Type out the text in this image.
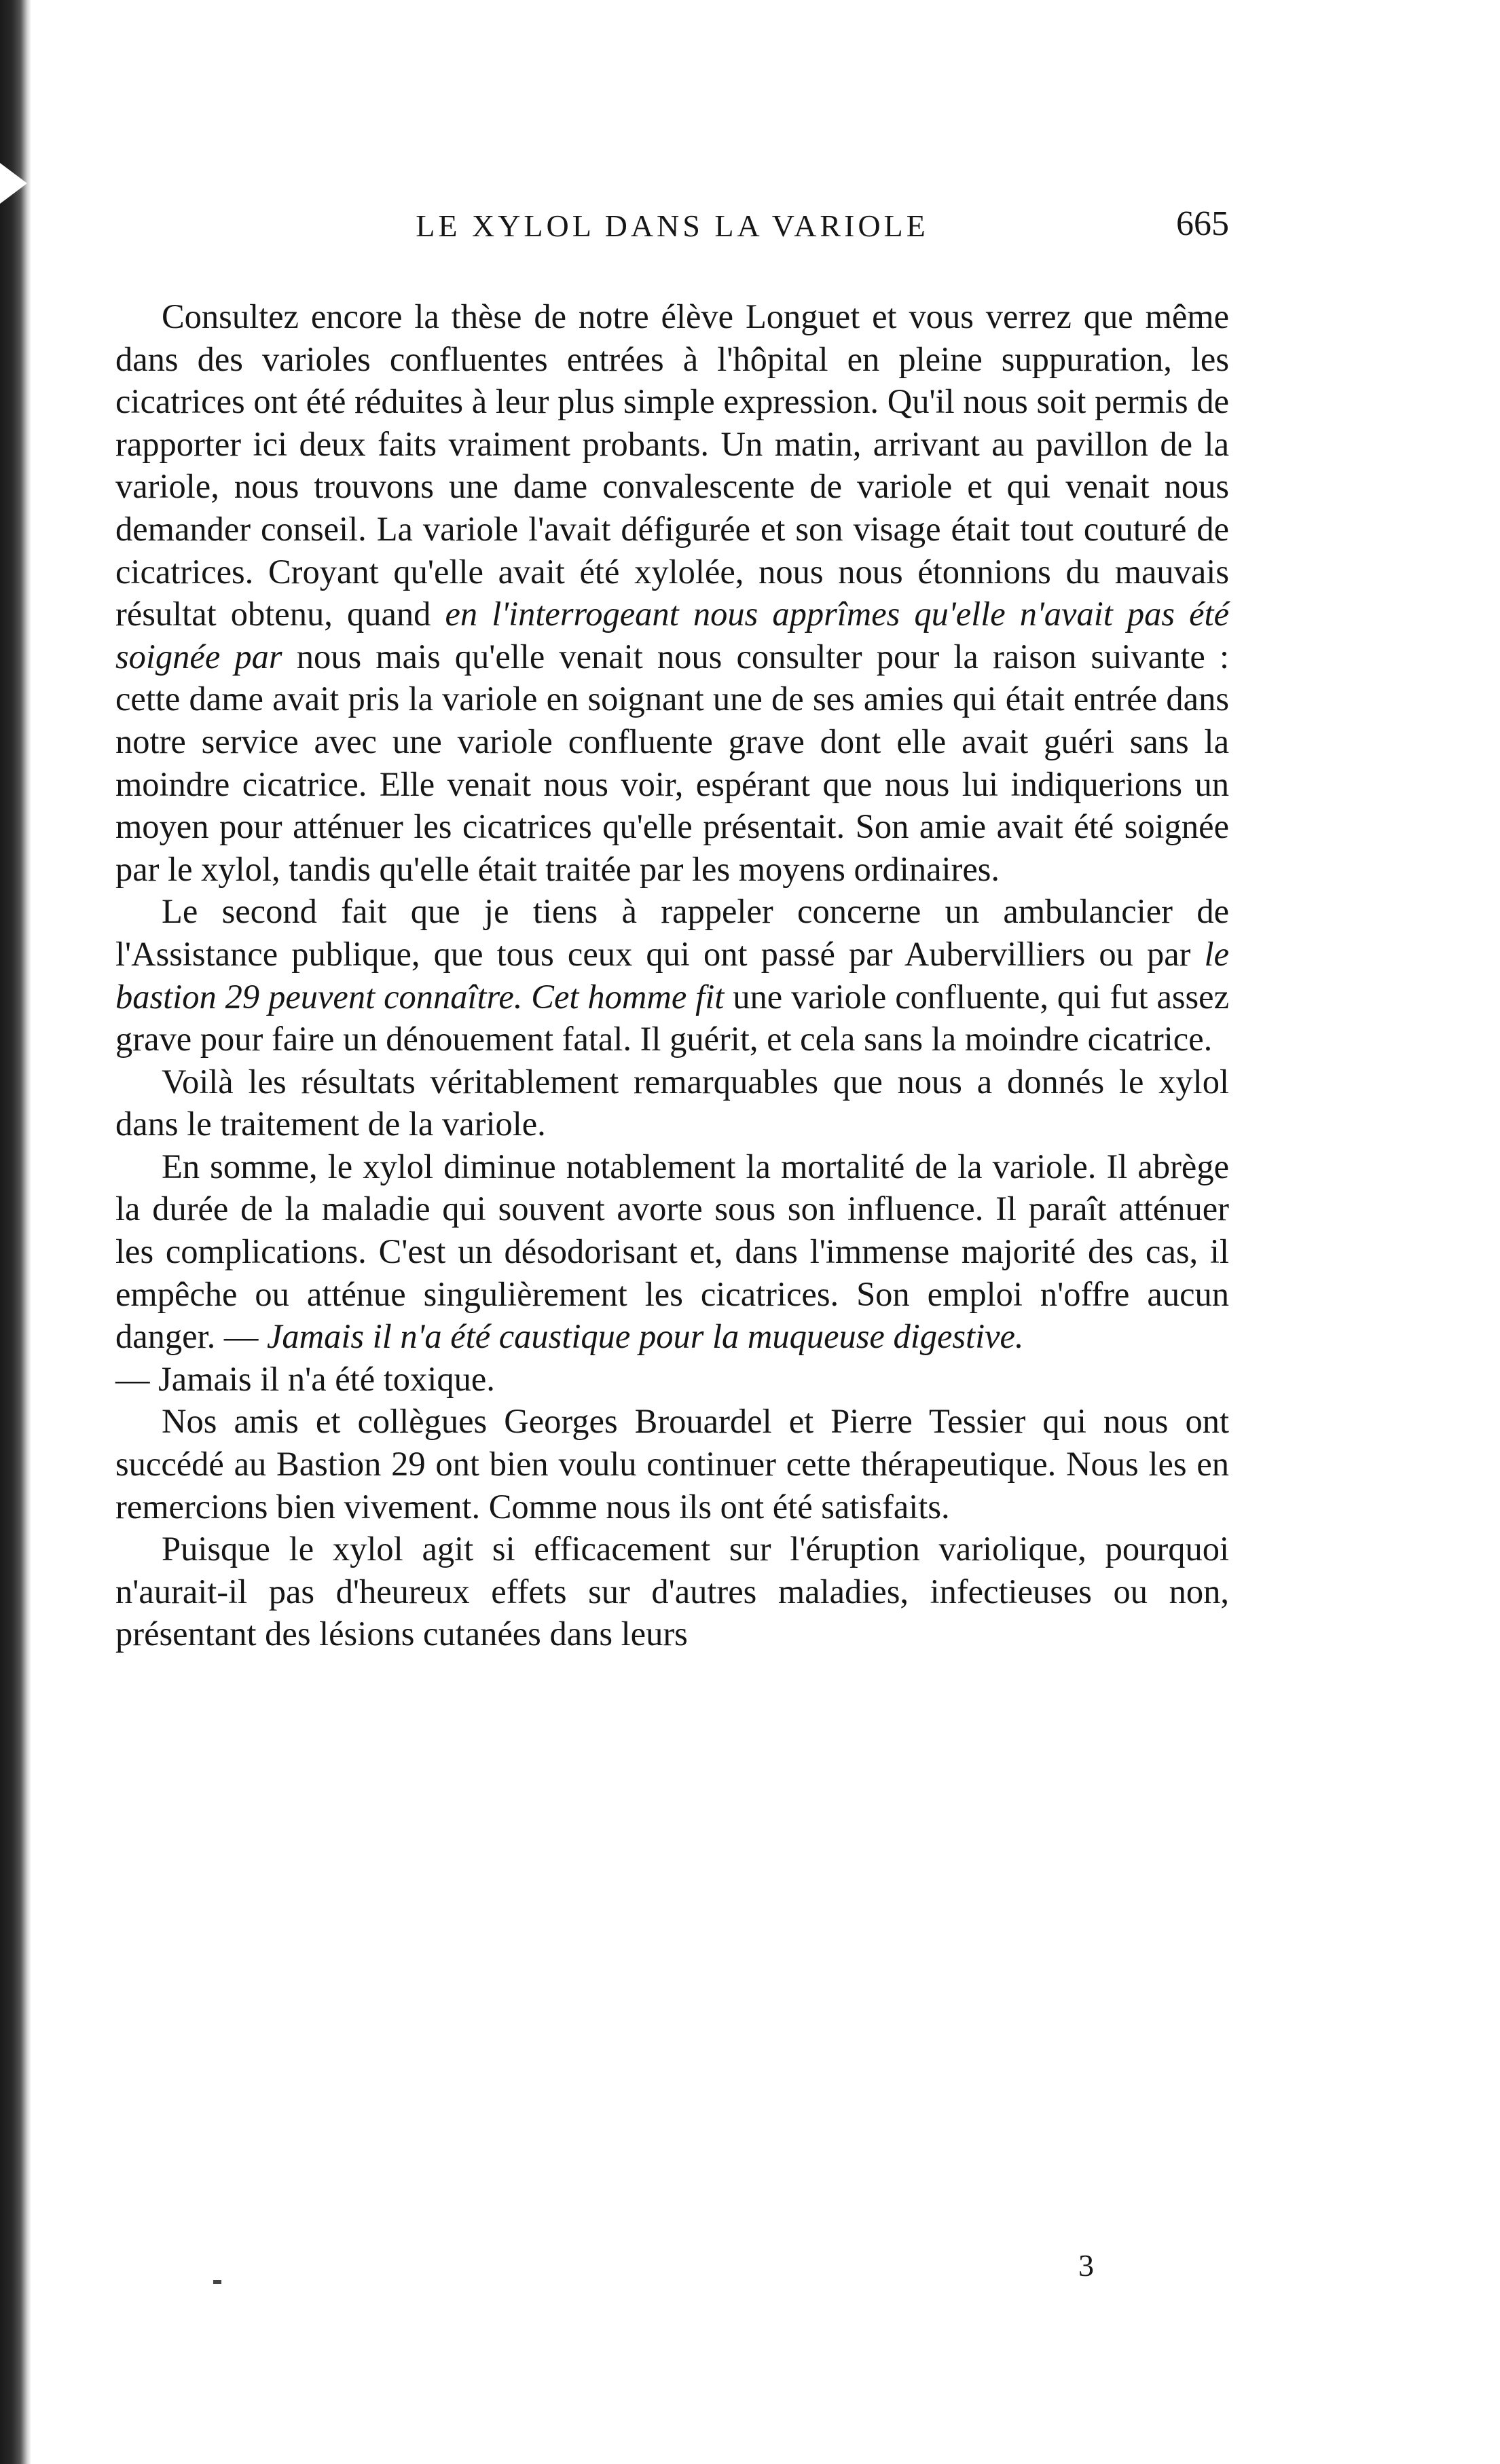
LE XYLOL DANS LA VARIOLE	665

Consultez encore la thèse de notre élève Longuet et vous verrez que même dans des varioles confluentes entrées à l'hôpital en pleine suppuration, les cicatrices ont été réduites à leur plus simple expression. Qu'il nous soit permis de rapporter ici deux faits vraiment probants. Un matin, arrivant au pavillon de la variole, nous trouvons une dame convalescente de variole et qui venait nous demander conseil. La variole l'avait défigurée et son visage était tout couturé de cicatrices. Croyant qu'elle avait été xylolée, nous nous étonnions du mauvais résultat obtenu, quand en l'interrogeant nous apprîmes qu'elle n'avait pas été soignée par nous mais qu'elle venait nous consulter pour la raison suivante : cette dame avait pris la variole en soignant une de ses amies qui était entrée dans notre service avec une variole confluente grave dont elle avait guéri sans la moindre cicatrice. Elle venait nous voir, espérant que nous lui indiquerions un moyen pour atténuer les cicatrices qu'elle présentait. Son amie avait été soignée par le xylol, tandis qu'elle était traitée par les moyens ordinaires.

Le second fait que je tiens à rappeler concerne un ambulancier de l'Assistance publique, que tous ceux qui ont passé par Aubervilliers ou par le bastion 29 peuvent connaître. Cet homme fit une variole confluente, qui fut assez grave pour faire un dénouement fatal. Il guérit, et cela sans la moindre cicatrice.

Voilà les résultats véritablement remarquables que nous a donnés le xylol dans le traitement de la variole.

En somme, le xylol diminue notablement la mortalité de la variole. Il abrège la durée de la maladie qui souvent avorte sous son influence. Il paraît atténuer les complications. C'est un désodorisant et, dans l'immense majorité des cas, il empêche ou atténue singulièrement les cicatrices. Son emploi n'offre aucun danger. — Jamais il n'a été caustique pour la muqueuse digestive.

— Jamais il n'a été toxique.

Nos amis et collègues Georges Brouardel et Pierre Tessier qui nous ont succédé au Bastion 29 ont bien voulu continuer cette thérapeutique. Nous les en remercions bien vivement. Comme nous ils ont été satisfaits.

Puisque le xylol agit si efficacement sur l'éruption variolique, pourquoi n'aurait-il pas d'heureux effets sur d'autres maladies, infectieuses ou non, présentant des lésions cutanées dans leurs

3
